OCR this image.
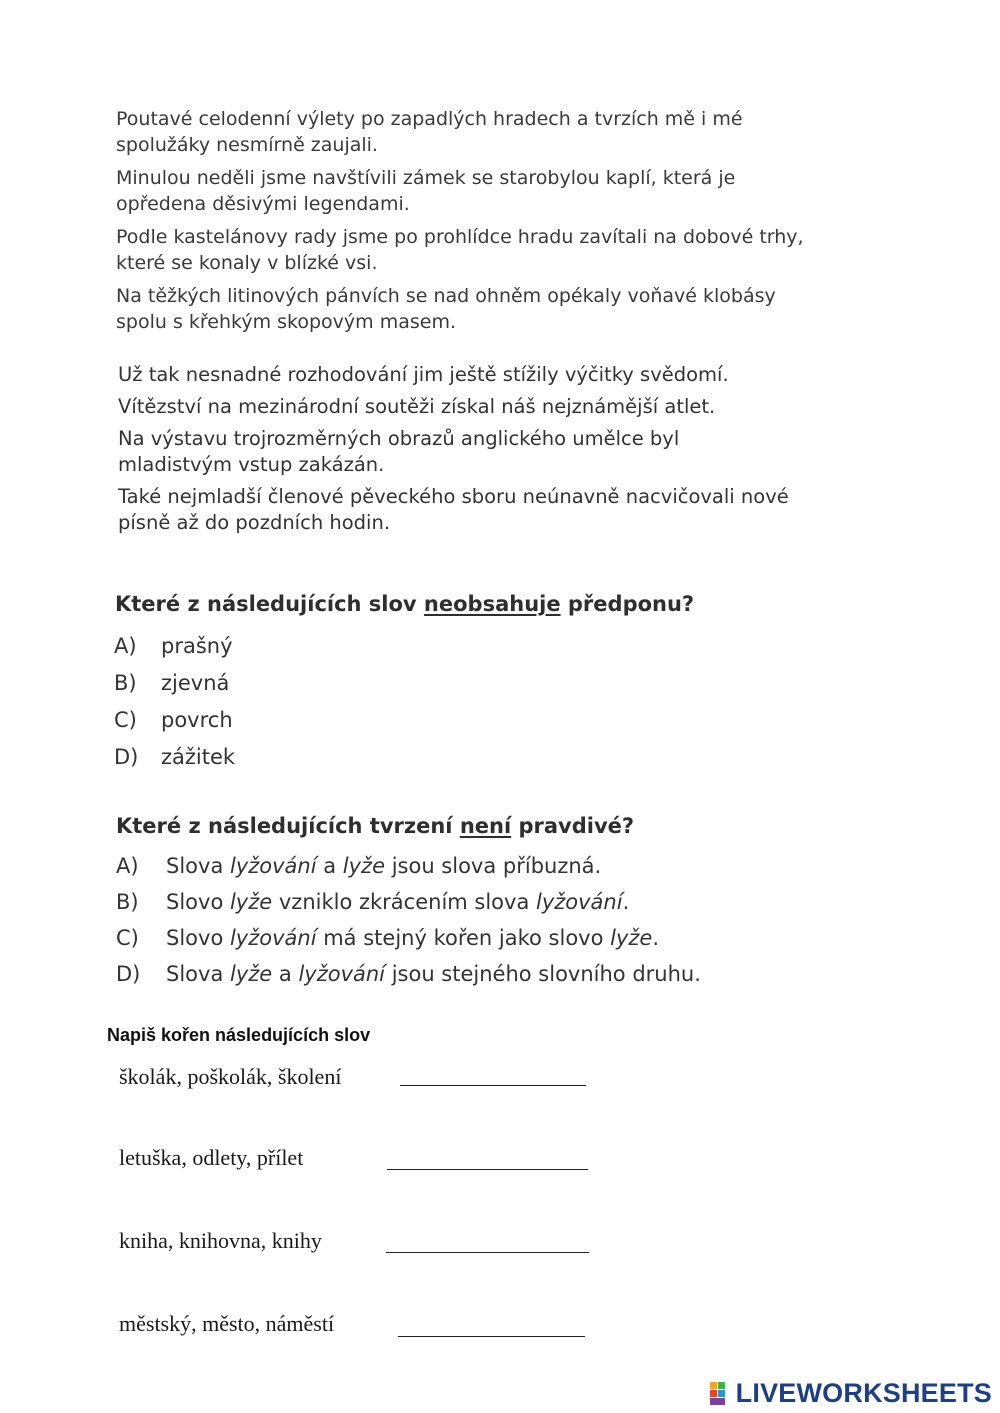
Poutavé celodenní výlety po zapadlých hradech a tvrzích mě i mé spolužáky nesmírně zaujali.

Minulou neděli jsme navštívili zámek se starobylou kaplí, která je opředena děsivými legendami.

Podle kastelánovy rady jsme po prohlídce hradu zavítali na dobové trhy, které se konaly v blízké vsi.

Na těžkých litinových pánvích se nad ohněm opékaly voňavé klobásy spolu s křehkým skopovým masem.

Už tak nesnadné rozhodování jim ještě stížily výčitky svědomí.

Vítězství na mezinárodní soutěži získal náš nejznámější atlet.

Na výstavu trojrozměrných obrazů anglického umělce byl mladistvým vstup zakázán.

Také nejmladší členové pěveckého sboru neúnavně nacvičovali nové písně až do pozdních hodin.

Které z následujících slov neobsahuje předponu?
A) prašný
B) zjevná
C) povrch
D) zážitek
Které z následujících tvrzení není pravdivé?
A) Slova lyžování a lyže jsou slova příbuzná.
B) Slovo lyže vzniklo zkrácením slova lyžování.
C) Slovo lyžování má stejný kořen jako slovo lyže.
D) Slova lyže a lyžování jsou stejného slovního druhu.
Napiš kořen následujících slov
školák, poškolák, školení
letuška, odlety, přílet
kniha, knihovna, knihy
městský, město, náměstí
LIVEWORKSHEETS
